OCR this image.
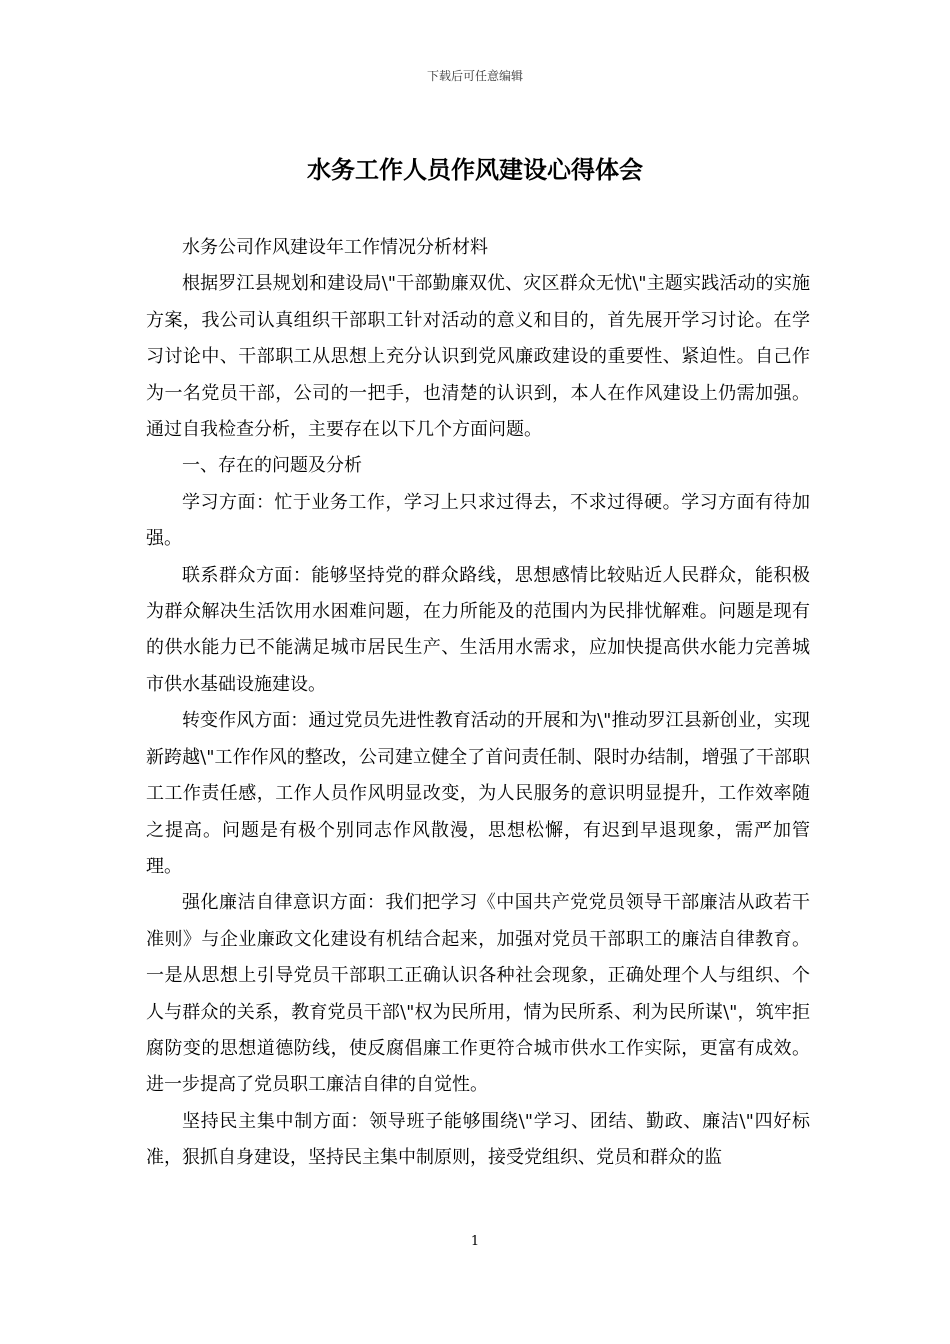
下载后可任意编辑
水务工作人员作风建设心得体会

水务公司作风建设年工作情况分析材料

根据罗江县规划和建设局\"干部勤廉双优、灾区群众无忧\"主题实践活动的实施方案，我公司认真组织干部职工针对活动的意义和目的，首先展开学习讨论。在学习讨论中、干部职工从思想上充分认识到党风廉政建设的重要性、紧迫性。自己作为一名党员干部，公司的一把手，也清楚的认识到，本人在作风建设上仍需加强。通过自我检查分析，主要存在以下几个方面问题。

一、存在的问题及分析

学习方面：忙于业务工作，学习上只求过得去，不求过得硬。学习方面有待加强。

联系群众方面：能够坚持党的群众路线，思想感情比较贴近人民群众，能积极为群众解决生活饮用水困难问题，在力所能及的范围内为民排忧解难。问题是现有的供水能力已不能满足城市居民生产、生活用水需求，应加快提高供水能力完善城市供水基础设施建设。

转变作风方面：通过党员先进性教育活动的开展和为\"推动罗江县新创业，实现新跨越\"工作作风的整改，公司建立健全了首问责任制、限时办结制，增强了干部职工工作责任感，工作人员作风明显改变，为人民服务的意识明显提升，工作效率随之提高。问题是有极个别同志作风散漫，思想松懈，有迟到早退现象，需严加管理。

强化廉洁自律意识方面：我们把学习《中国共产党党员领导干部廉洁从政若干准则》与企业廉政文化建设有机结合起来，加强对党员干部职工的廉洁自律教育。一是从思想上引导党员干部职工正确认识各种社会现象，正确处理个人与组织、个人与群众的关系，教育党员干部\"权为民所用，情为民所系、利为民所谋\"，筑牢拒腐防变的思想道德防线，使反腐倡廉工作更符合城市供水工作实际，更富有成效。进一步提高了党员职工廉洁自律的自觉性。

坚持民主集中制方面：领导班子能够围绕\"学习、团结、勤政、廉洁\"四好标准，狠抓自身建设，坚持民主集中制原则，接受党组织、党员和群众的监

1
